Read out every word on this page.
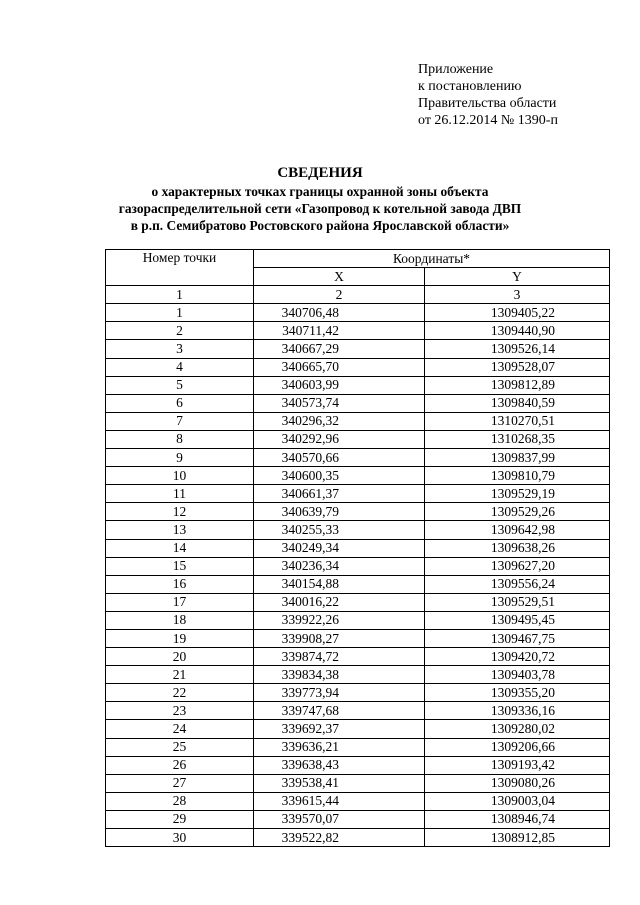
Приложение
к постановлению
Правительства области
от 26.12.2014 № 1390-п
СВЕДЕНИЯ
о характерных точках границы охранной зоны объекта
газораспределительной сети «Газопровод к котельной завода ДВП
в р.п. Семибратово Ростовского района Ярославской области»
Номер точки	Координаты*	
	X	Y
1	2	3
1	340706,48	1309405,22
2	340711,42	1309440,90
3	340667,29	1309526,14
4	340665,70	1309528,07
5	340603,99	1309812,89
6	340573,74	1309840,59
7	340296,32	1310270,51
8	340292,96	1310268,35
9	340570,66	1309837,99
10	340600,35	1309810,79
11	340661,37	1309529,19
12	340639,79	1309529,26
13	340255,33	1309642,98
14	340249,34	1309638,26
15	340236,34	1309627,20
16	340154,88	1309556,24
17	340016,22	1309529,51
18	339922,26	1309495,45
19	339908,27	1309467,75
20	339874,72	1309420,72
21	339834,38	1309403,78
22	339773,94	1309355,20
23	339747,68	1309336,16
24	339692,37	1309280,02
25	339636,21	1309206,66
26	339638,43	1309193,42
27	339538,41	1309080,26
28	339615,44	1309003,04
29	339570,07	1308946,74
30	339522,82	1308912,85
